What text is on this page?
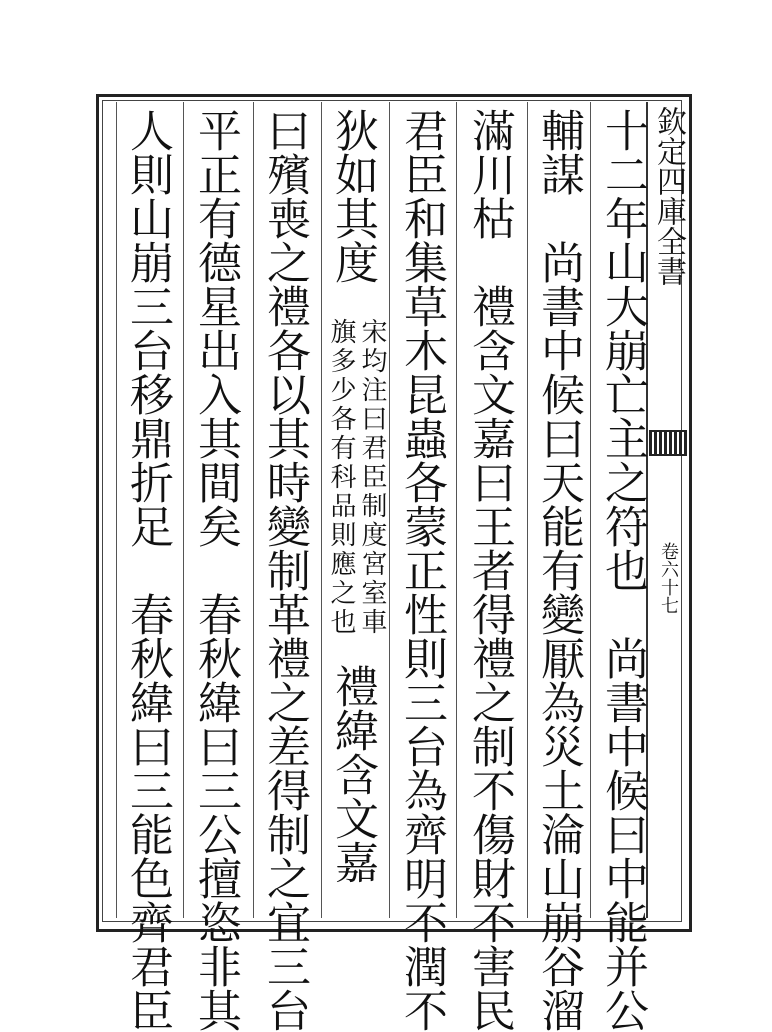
欽定四庫全書
卷六十七
十二年山大崩亡主之符也　尚書中候曰中能并公
輔謀　尚書中候曰天能有變厭為災土淪山崩谷溜
滿川枯　禮含文嘉曰王者得禮之制不傷財不害民
君臣和集草木昆蟲各蒙正性則三台為齊明不潤不
狄如其度
宋均注曰君臣制度宮室車
旗多少各有科品則應之也
禮緯含文嘉
曰殯喪之禮各以其時變制革禮之差得制之宜三台
平正有德星出入其間矣　春秋緯曰三公擅恣非其
人則山崩三台移鼎折足　春秋緯曰三能色齊君臣
